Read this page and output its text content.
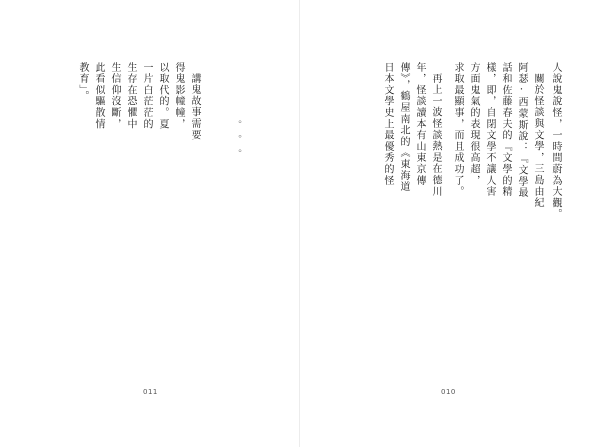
教育」。 此看似驅散情 生信仰沒斷， 生存在恐懼中 一片白茫茫的 以取代的。夏 得鬼影幢幢， 講鬼故事需要
。。。
011
日本文學史上最優秀的怪 傳》，鶴屋南北的《東海道 年，怪談讀本有山東京傳 再上一波怪談熱是在德川 求取最顯事，而且成功了。 方面鬼氣的表現很高超， 樣，即，自閉文學不讓人害 話和佐藤春夫的『文學的精 阿瑟·西蒙斯說：『文學最 關於怪談與文學，三島由紀 人說鬼說怪，一時間蔚為大觀。
010
